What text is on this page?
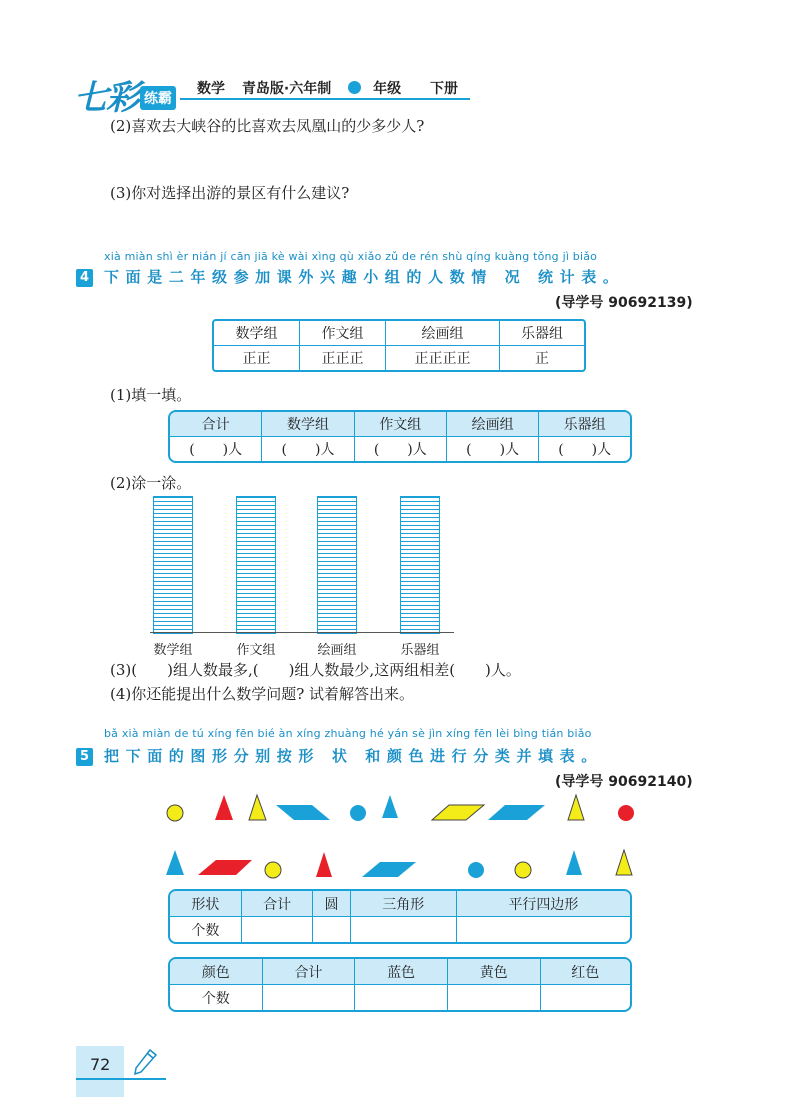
七彩 练霸
数学 青岛版·六年制	年级 下册
(2)喜欢去大峡谷的比喜欢去凤凰山的少多少人?
(3)你对选择出游的景区有什么建议?
xià miàn shì èr nián jí cān jiā kè wài xìng qù xiǎo zǔ de rén shù qíng kuàng tǒng jì biǎo
4 下面是二年级参加课外兴趣小组的人数情 况 统计表。
(导学号 90692139)
数学组	作文组	绘画组	乐器组
正正	正正正	正正正正	正
(1)填一填。
合计	数学组	作文组	绘画组	乐器组
(　　)人	(　　)人	(　　)人	(　　)人	(　　)人
(2)涂一涂。
数学组	作文组	绘画组	乐器组
(3)(　　)组人数最多,(　　)组人数最少,这两组相差(　　)人。
(4)你还能提出什么数学问题? 试着解答出来。
bǎ xià miàn de tú xíng fēn bié àn xíng zhuàng hé yán sè jìn xíng fēn lèi bìng tián biǎo
5 把下面的图形分别按形 状 和颜色进行分类并填表。
(导学号 90692140)
形状	合计	圆	三角形	平行四边形
个数				
颜色	合计	蓝色	黄色	红色
个数				
72
